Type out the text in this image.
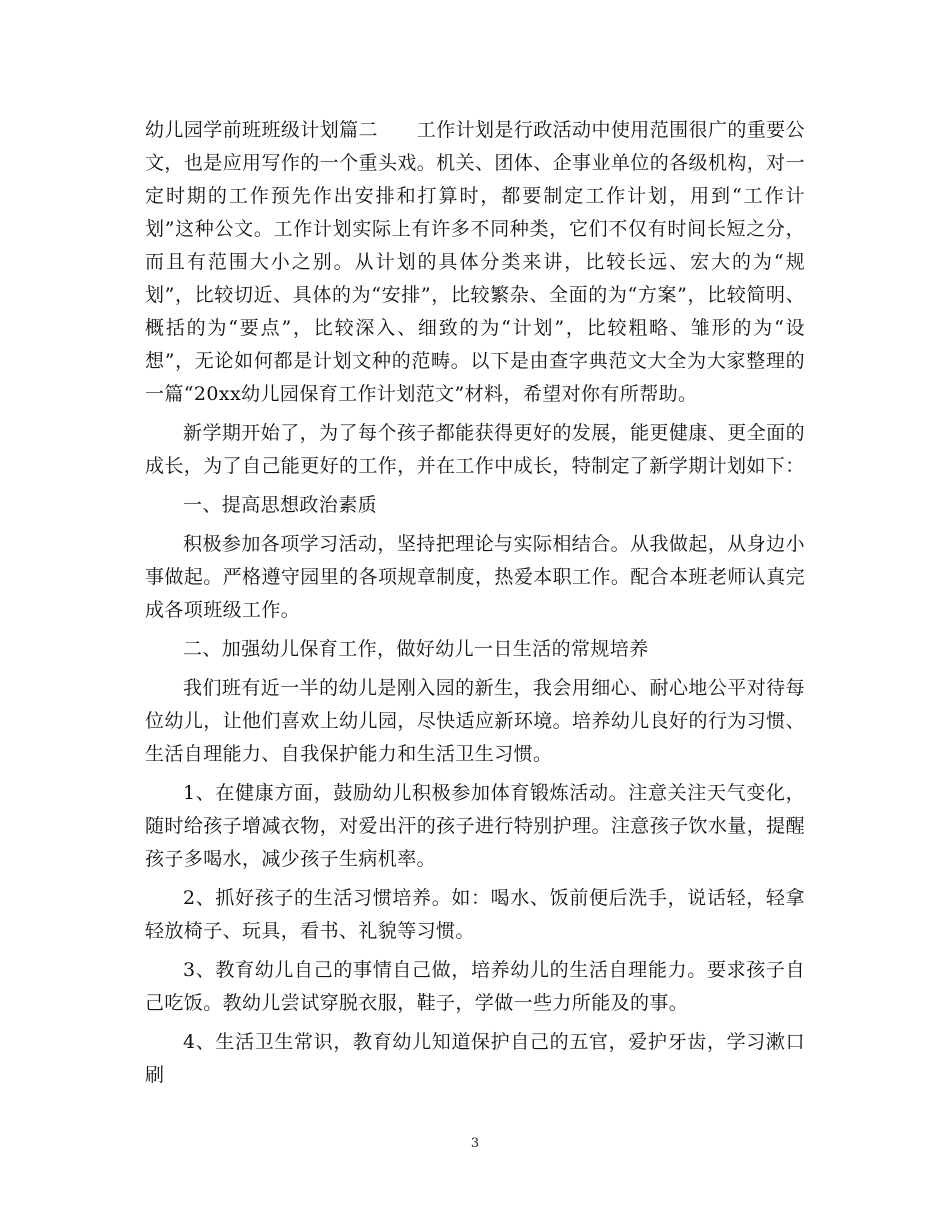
幼儿园学前班班级计划篇二　　工作计划是行政活动中使用范围很广的重要公文，也是应用写作的一个重头戏。机关、团体、企事业单位的各级机构，对一定时期的工作预先作出安排和打算时，都要制定工作计划，用到“工作计划”这种公文。工作计划实际上有许多不同种类，它们不仅有时间长短之分，而且有范围大小之别。从计划的具体分类来讲，比较长远、宏大的为“规划”，比较切近、具体的为“安排”，比较繁杂、全面的为“方案”，比较简明、概括的为“要点”，比较深入、细致的为“计划”，比较粗略、雏形的为“设想”，无论如何都是计划文种的范畴。以下是由查字典范文大全为大家整理的一篇“20xx幼儿园保育工作计划范文”材料，希望对你有所帮助。

新学期开始了，为了每个孩子都能获得更好的发展，能更健康、更全面的成长，为了自己能更好的工作，并在工作中成长，特制定了新学期计划如下：

一、提高思想政治素质

积极参加各项学习活动，坚持把理论与实际相结合。从我做起，从身边小事做起。严格遵守园里的各项规章制度，热爱本职工作。配合本班老师认真完成各项班级工作。

二、加强幼儿保育工作，做好幼儿一日生活的常规培养

我们班有近一半的幼儿是刚入园的新生，我会用细心、耐心地公平对待每位幼儿，让他们喜欢上幼儿园，尽快适应新环境。培养幼儿良好的行为习惯、生活自理能力、自我保护能力和生活卫生习惯。

1、在健康方面，鼓励幼儿积极参加体育锻炼活动。注意关注天气变化，随时给孩子增减衣物，对爱出汗的孩子进行特别护理。注意孩子饮水量，提醒孩子多喝水，减少孩子生病机率。

2、抓好孩子的生活习惯培养。如：喝水、饭前便后洗手，说话轻，轻拿轻放椅子、玩具，看书、礼貌等习惯。

3、教育幼儿自己的事情自己做，培养幼儿的生活自理能力。要求孩子自己吃饭。教幼儿尝试穿脱衣服，鞋子，学做一些力所能及的事。

4、生活卫生常识，教育幼儿知道保护自己的五官，爱护牙齿，学习漱口刷

3
